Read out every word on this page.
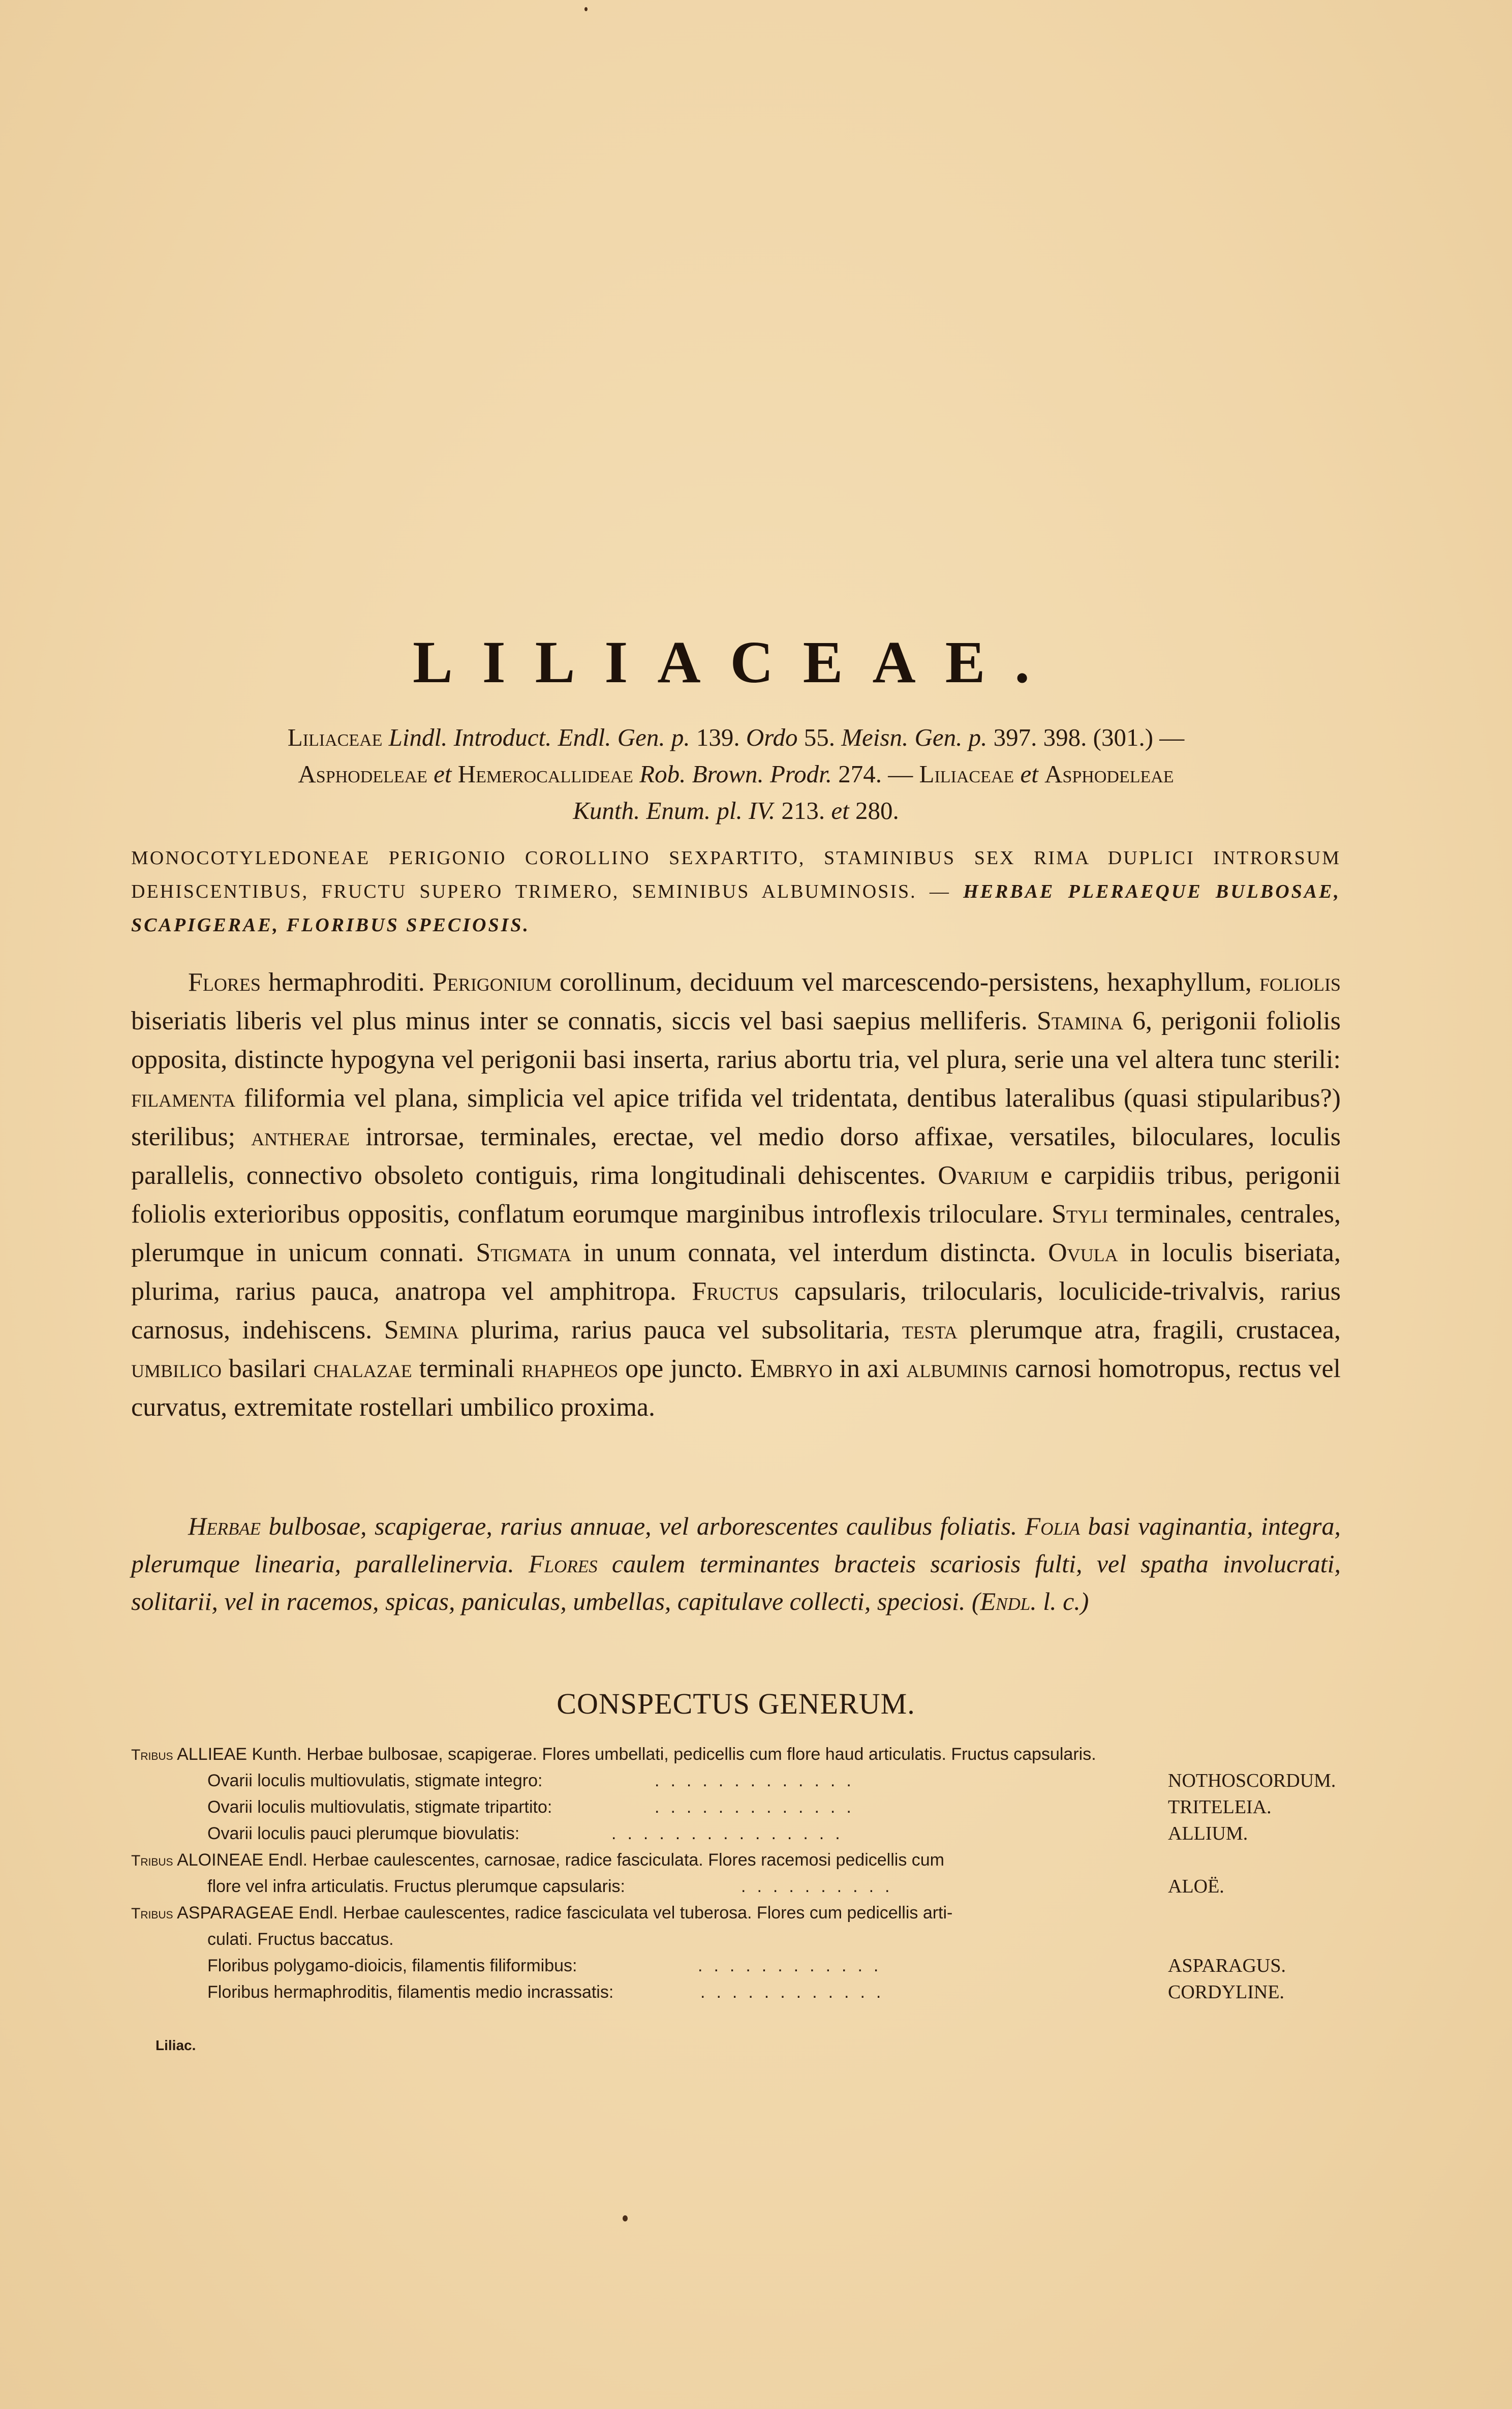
LILIACEAE.
Liliaceae Lindl. Introduct. Endl. Gen. p. 139. Ordo 55. Meisn. Gen. p. 397. 398. (301.) —
Asphodeleae et Hemerocallideae Rob. Brown. Prodr. 274. — Liliaceae et Asphodeleae
Kunth. Enum. pl. IV. 213. et 280.
MONOCOTYLEDONEAE PERIGONIO COROLLINO SEXPARTITO, STAMINIBUS SEX RIMA DUPLICI INTRORSUM DEHISCENTIBUS, FRUCTU SUPERO TRIMERO, SEMINIBUS ALBUMINOSIS. — HERBAE PLERAEQUE BULBOSAE, SCAPIGERAE, FLORIBUS SPECIOSIS.
Flores hermaphroditi. Perigonium corollinum, deciduum vel marcescendo-persistens, hexaphyllum, foliolis biseriatis liberis vel plus minus inter se connatis, siccis vel basi saepius melliferis. Stamina 6, perigonii foliolis opposita, distincte hypogyna vel perigonii basi inserta, rarius abortu tria, vel plura, serie una vel altera tunc sterili: filamenta filiformia vel plana, simplicia vel apice trifida vel tridentata, dentibus lateralibus (quasi stipularibus?) sterilibus; antherae introrsae, terminales, erectae, vel medio dorso affixae, versatiles, biloculares, loculis parallelis, connectivo obsoleto contiguis, rima longitudinali dehiscentes. Ovarium e carpidiis tribus, perigonii foliolis exterioribus oppositis, conflatum eorumque marginibus introflexis triloculare. Styli terminales, centrales, plerumque in unicum connati. Stigmata in unum connata, vel interdum distincta. Ovula in loculis biseriata, plurima, rarius pauca, anatropa vel amphitropa. Fructus capsularis, trilocularis, loculicide-trivalvis, rarius carnosus, indehiscens. Semina plurima, rarius pauca vel subsolitaria, testa plerumque atra, fragili, crustacea, umbilico basilari chalazae terminali rhapheos ope juncto. Embryo in axi albuminis carnosi homotropus, rectus vel curvatus, extremitate rostellari umbilico proxima.
Herbae bulbosae, scapigerae, rarius annuae, vel arborescentes caulibus foliatis. Folia basi vaginantia, integra, plerumque linearia, parallelinervia. Flores caulem terminantes bracteis scariosis fulti, vel spatha involucrati, solitarii, vel in racemos, spicas, paniculas, umbellas, capitulave collecti, speciosi. (Endl. l. c.)
CONSPECTUS GENERUM.
Tribus ALLIEAE Kunth. Herbae bulbosae, scapigerae. Flores umbellati, pedicellis cum flore haud articulatis. Fructus capsularis.
Ovarii loculis multiovulatis, stigmate integro:	.............	NOTHOSCORDUM.
Ovarii loculis multiovulatis, stigmate tripartito:	.............	TRITELEIA.
Ovarii loculis pauci plerumque biovulatis:	...............	ALLIUM.
Tribus ALOINEAE Endl. Herbae caulescentes, carnosae, radice fasciculata. Flores racemosi pedicellis cum
flore vel infra articulatis. Fructus plerumque capsularis:	..........	ALOË.
Tribus ASPARAGEAE Endl. Herbae caulescentes, radice fasciculata vel tuberosa. Flores cum pedicellis arti-
culati. Fructus baccatus.
Floribus polygamo-dioicis, filamentis filiformibus:	............	ASPARAGUS.
Floribus hermaphroditis, filamentis medio incrassatis:	............	CORDYLINE.
Liliac.
